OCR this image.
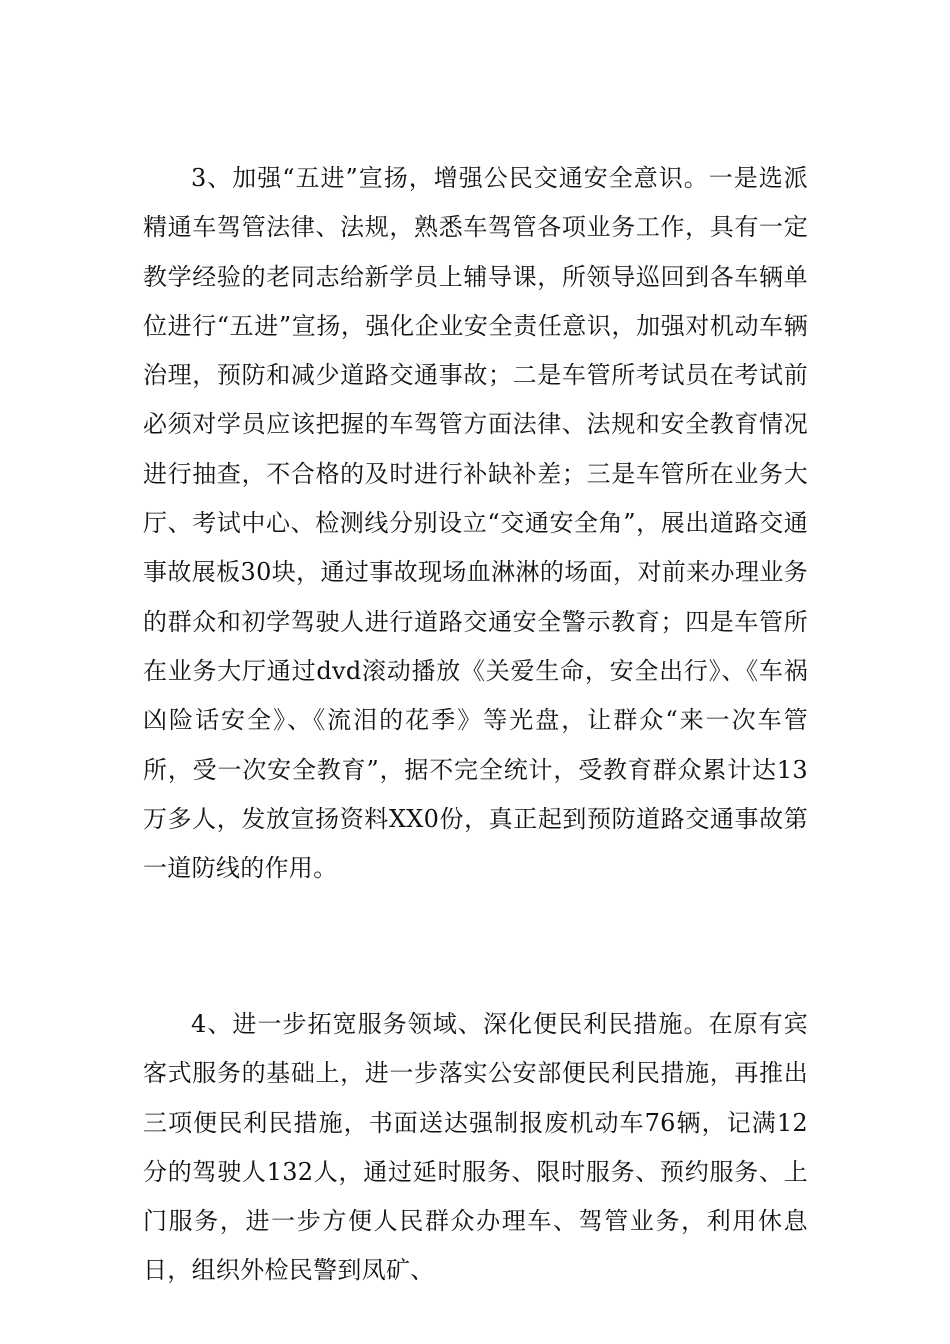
3、加强“五进”宣扬，增强公民交通安全意识。一是选派精通车驾管法律、法规，熟悉车驾管各项业务工作，具有一定教学经验的老同志给新学员上辅导课，所领导巡回到各车辆单位进行“五进”宣扬，强化企业安全责任意识，加强对机动车辆治理，预防和减少道路交通事故；二是车管所考试员在考试前必须对学员应该把握的车驾管方面法律、法规和安全教育情况进行抽查，不合格的及时进行补缺补差；三是车管所在业务大厅、考试中心、检测线分别设立“交通安全角”，展出道路交通事故展板30块，通过事故现场血淋淋的场面，对前来办理业务的群众和初学驾驶人进行道路交通安全警示教育；四是车管所在业务大厅通过dvd滚动播放《关爱生命，安全出行》、《车祸凶险话安全》、《流泪的花季》等光盘，让群众“来一次车管所，受一次安全教育”，据不完全统计，受教育群众累计达13万多人，发放宣扬资料XX0份，真正起到预防道路交通事故第一道防线的作用。

4、进一步拓宽服务领域、深化便民利民措施。在原有宾客式服务的基础上，进一步落实公安部便民利民措施，再推出三项便民利民措施，书面送达强制报废机动车76辆，记满12分的驾驶人132人，通过延时服务、限时服务、预约服务、上门服务，进一步方便人民群众办理车、驾管业务，利用休息日，组织外检民警到凤矿、
